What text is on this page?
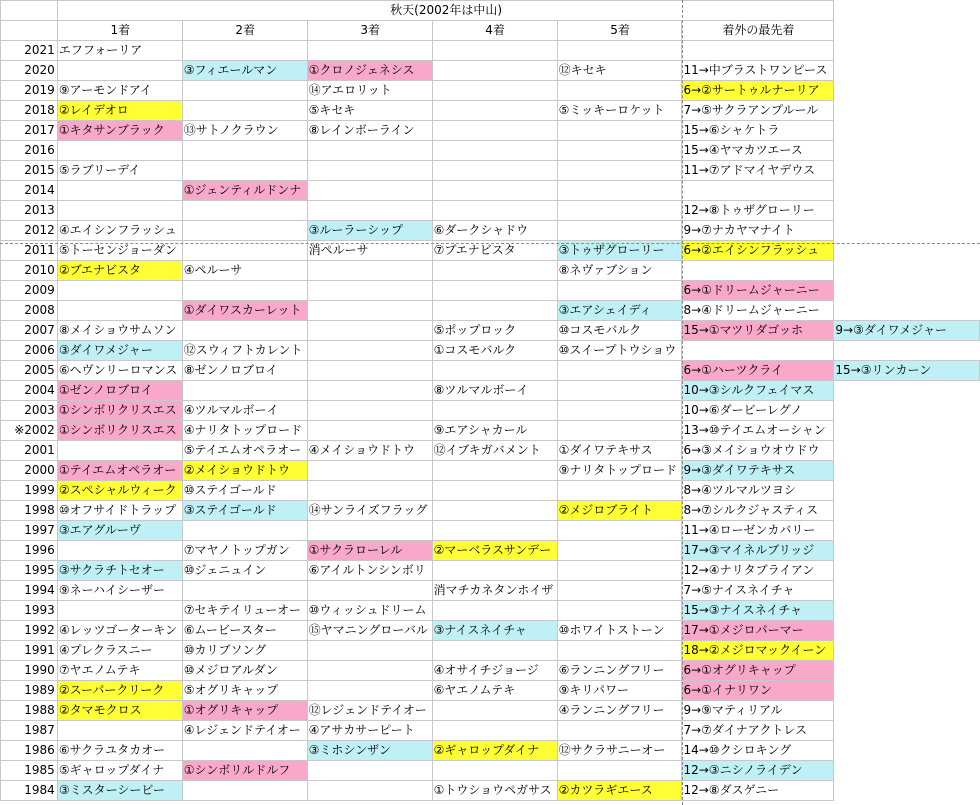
	秋天(2002年は中山)						
	1着	2着	3着	4着	5着	着外の最先着	
2021	エフフォーリア						
2020		③フィエールマン	①クロノジェネシス		⑫キセキ	11→中ブラストワンピース	
2019	⑨アーモンドアイ		⑭アエロリット			6→②サートゥルナーリア	
2018	②レイデオロ		⑤キセキ		⑤ミッキーロケット	7→⑤サクラアンプルール	
2017	①キタサンブラック	⑬サトノクラウン	⑧レインボーライン			15→⑥シャケトラ	
2016						15→④ヤマカツエース	
2015	⑤ラブリーデイ					11→⑦アドマイヤデウス	
2014		①ジェンティルドンナ					
2013						12→⑧トゥザグローリー	
2012	④エイシンフラッシュ		③ルーラーシップ	⑥ダークシャドウ		9→⑦ナカヤマナイト	
2011	⑤トーセンジョーダン		消ペルーサ	⑦ブエナビスタ	③トゥザグローリー	6→②エイシンフラッシュ	
2010	②ブエナビスタ	④ペルーサ			⑧ネヴァブション		
2009						6→①ドリームジャーニー	
2008		①ダイワスカーレット			③エアシェイディ	8→④ドリームジャーニー	
2007	⑧メイショウサムソン			⑤ポップロック	⑩コスモバルク	15→①マツリダゴッホ	9→③ダイワメジャー
2006	③ダイワメジャー	⑫スウィフトカレント		①コスモバルク	⑩スイープトウショウ		
2005	⑥ヘヴンリーロマンス	⑧ゼンノロブロイ				6→①ハーツクライ	15→③リンカーン
2004	①ゼンノロブロイ			⑧ツルマルボーイ		10→③シルクフェイマス	
2003	①シンボリクリスエス	④ツルマルボーイ				10→⑥ダービーレグノ	
※2002	①シンボリクリスエス	④ナリタトップロード		⑨エアシャカール		13→⑩テイエムオーシャン	
2001		⑤テイエムオペラオー	④メイショウドトウ	⑫イブキガバメント	①ダイワテキサス	6→③メイショウオウドウ	
2000	①テイエムオペラオー	②メイショウドトウ			⑨ナリタトップロード	9→③ダイワテキサス	
1999	②スペシャルウィーク	⑩ステイゴールド				8→④ツルマルツヨシ	
1998	⑩オフサイドトラップ	③ステイゴールド	⑭サンライズフラッグ		②メジロブライト	8→⑦シルクジャスティス	
1997	③エアグルーヴ					11→④ローゼンカバリー	
1996		⑦マヤノトップガン	①サクラローレル	②マーベラスサンデー		17→③マイネルブリッジ	
1995	③サクラチトセオー	⑩ジェニュイン	⑥アイルトンシンボリ			12→④ナリタブライアン	
1994	⑨ネーハイシーザー			消マチカネタンホイザ		7→⑤ナイスネイチャ	
1993		⑦セキテイリューオー	⑩ウィッシュドリーム			15→③ナイスネイチャ	
1992	④レッツゴーターキン	⑥ムービースター	⑮ヤマニングローバル	③ナイスネイチャ	⑩ホワイトストーン	17→①メジロパーマー	
1991	④プレクラスニー	⑩カリブソング				18→②メジロマックイーン	
1990	⑦ヤエノムテキ	⑩メジロアルダン		④オサイチジョージ	⑥ランニングフリー	6→①オグリキャップ	
1989	②スーパークリーク	⑤オグリキャップ		⑥ヤエノムテキ	⑨キリパワー	6→①イナリワン	
1988	②タマモクロス	①オグリキャップ	⑫レジェンドテイオー		④ランニングフリー	9→⑨マティリアル	
1987		④レジェンドテイオー	④アサカサーピート			7→⑦ダイナアクトレス	
1986	⑥サクラユタカオー		③ミホシンザン	②ギャロップダイナ	⑫サクラサニーオー	14→⑩クシロキング	
1985	⑤ギャロップダイナ	①シンボリルドルフ				12→③ニシノライデン	
1984	③ミスターシービー			①トウショウペガサス	②カツラギエース	12→⑧ダスゲニー	
